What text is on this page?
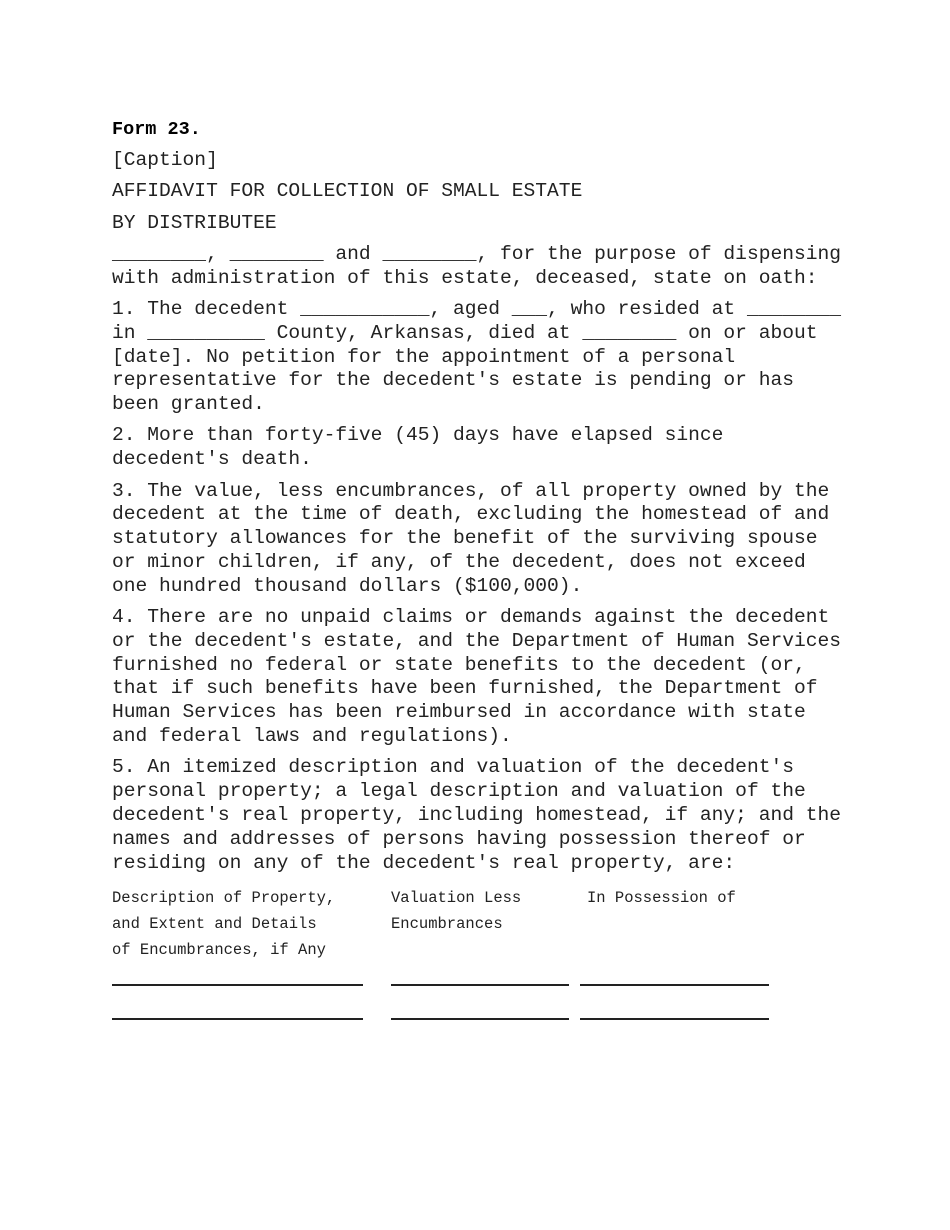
Form 23.
[Caption]
AFFIDAVIT FOR COLLECTION OF SMALL ESTATE
BY DISTRIBUTEE
________, ________ and ________, for the purpose of dispensing with administration of this estate, deceased, state on oath:
1. The decedent ___________, aged ___, who resided at ________ in __________ County, Arkansas, died at ________ on or about [date]. No petition for the appointment of a personal representative for the decedent's estate is pending or has been granted.
2. More than forty-five (45) days have elapsed since decedent's death.
3. The value, less encumbrances, of all property owned by the decedent at the time of death, excluding the homestead of and statutory allowances for the benefit of the surviving spouse or minor children, if any, of the decedent, does not exceed one hundred thousand dollars ($100,000).
4. There are no unpaid claims or demands against the decedent or the decedent's estate, and the Department of Human Services furnished no federal or state benefits to the decedent (or, that if such benefits have been furnished, the Department of Human Services has been reimbursed in accordance with state and federal laws and regulations).
5. An itemized description and valuation of the decedent's personal property; a legal description and valuation of the decedent's real property, including homestead, if any; and the names and addresses of persons having possession thereof or residing on any of the decedent's real property, are:
Description of Property,
and Extent and Details
of Encumbrances, if Any
Valuation Less
Encumbrances
In Possession of
